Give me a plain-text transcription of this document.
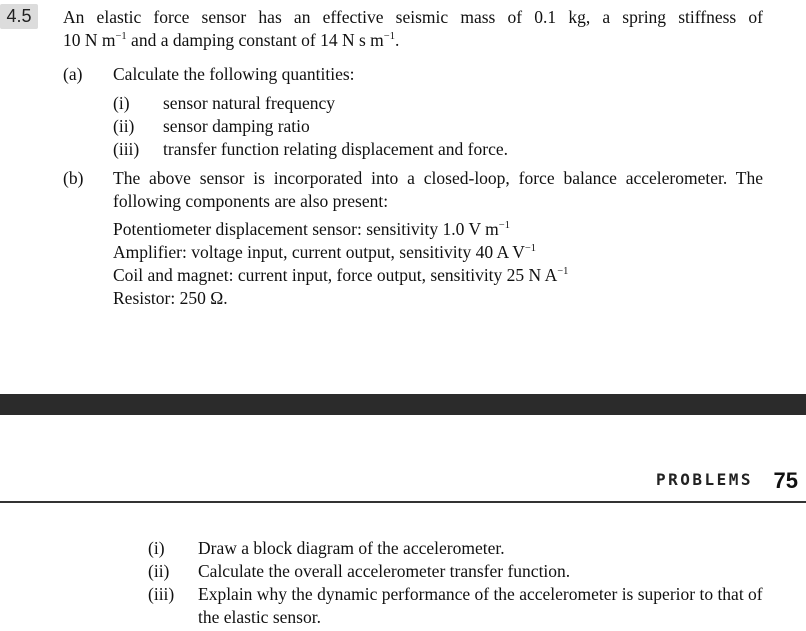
4.5	An elastic force sensor has an effective seismic mass of 0.1 kg, a spring stiffness of
10 N $m^{-1}$ and a damping constant of 14 N s $m^{-1}$.
(a) Calculate the following quantities:
(i) sensor natural frequency
(ii) sensor damping ratio
(iii) transfer function relating displacement and force.
(b) The above sensor is incorporated into a closed-loop, force balance accelerometer. The
following components are also present:
Potentiometer displacement sensor: sensitivity 1.0 V $m^{-1}$
Amplifier: voltage input, current output, sensitivity 40 A $V^{-1}$
Coil and magnet: current input, force output, sensitivity 25 N $A^{-1}$
Resistor: 250 Ω.
PROBLEMS 75
(i) Draw a block diagram of the accelerometer.
(ii) Calculate the overall accelerometer transfer function.
(iii) Explain why the dynamic performance of the accelerometer is superior to that of
the elastic sensor.
